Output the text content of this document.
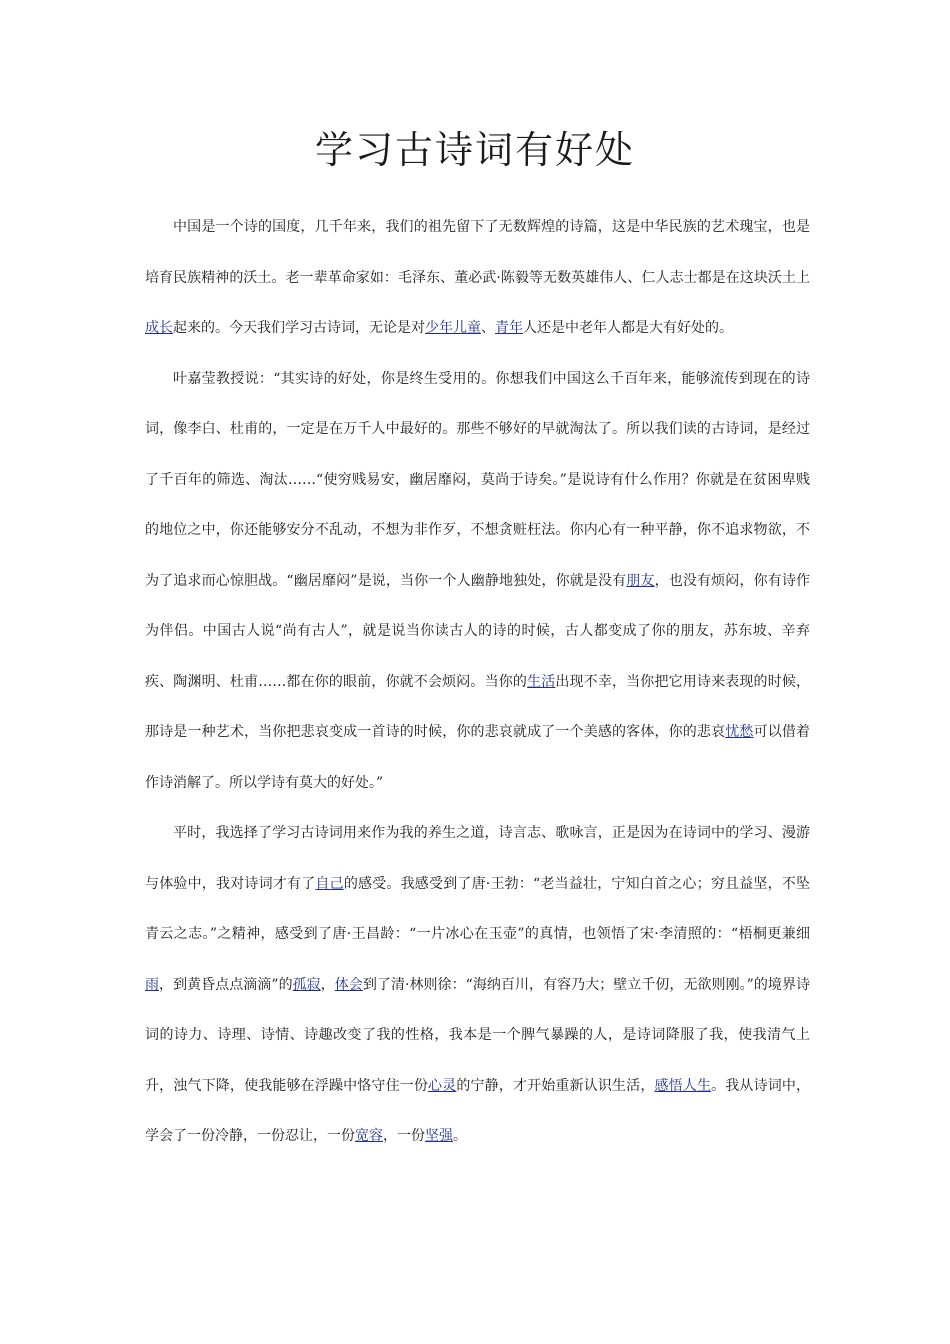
学习古诗词有好处

中国是一个诗的国度，几千年来，我们的祖先留下了无数辉煌的诗篇，这是中华民族的艺术瑰宝，也是培育民族精神的沃土。老一辈革命家如：毛泽东、董必武·陈毅等无数英雄伟人、仁人志士都是在这块沃土上成长起来的。今天我们学习古诗词，无论是对少年儿童、青年人还是中老年人都是大有好处的。

叶嘉莹教授说：“其实诗的好处，你是终生受用的。你想我们中国这么千百年来，能够流传到现在的诗词，像李白、杜甫的，一定是在万千人中最好的。那些不够好的早就淘汰了。所以我们读的古诗词，是经过了千百年的筛选、淘汰……“使穷贱易安，幽居靡闷，莫尚于诗矣。”是说诗有什么作用？你就是在贫困卑贱的地位之中，你还能够安分不乱动，不想为非作歹，不想贪赃枉法。你内心有一种平静，你不追求物欲，不为了追求而心惊胆战。“幽居靡闷”是说，当你一个人幽静地独处，你就是没有朋友，也没有烦闷，你有诗作为伴侣。中国古人说“尚有古人”，就是说当你读古人的诗的时候，古人都变成了你的朋友，苏东坡、辛弃疾、陶渊明、杜甫……都在你的眼前，你就不会烦闷。当你的生活出现不幸，当你把它用诗来表现的时候，那诗是一种艺术，当你把悲哀变成一首诗的时候，你的悲哀就成了一个美感的客体，你的悲哀忧愁可以借着作诗消解了。所以学诗有莫大的好处。”

平时，我选择了学习古诗词用来作为我的养生之道，诗言志、歌咏言，正是因为在诗词中的学习、漫游与体验中，我对诗词才有了自己的感受。我感受到了唐·王勃：“老当益壮，宁知白首之心；穷且益坚，不坠青云之志。”之精神，感受到了唐·王昌龄：“一片冰心在玉壶”的真情，也领悟了宋·李清照的：“梧桐更兼细雨，到黄昏点点滴滴”的孤寂，体会到了清·林则徐：“海纳百川，有容乃大；壁立千仞，无欲则刚。”的境界诗词的诗力、诗理、诗情、诗趣改变了我的性格，我本是一个脾气暴躁的人，是诗词降服了我，使我清气上升，浊气下降，使我能够在浮躁中恪守住一份心灵的宁静，才开始重新认识生活，感悟人生。我从诗词中，学会了一份冷静，一份忍让，一份宽容，一份坚强。
